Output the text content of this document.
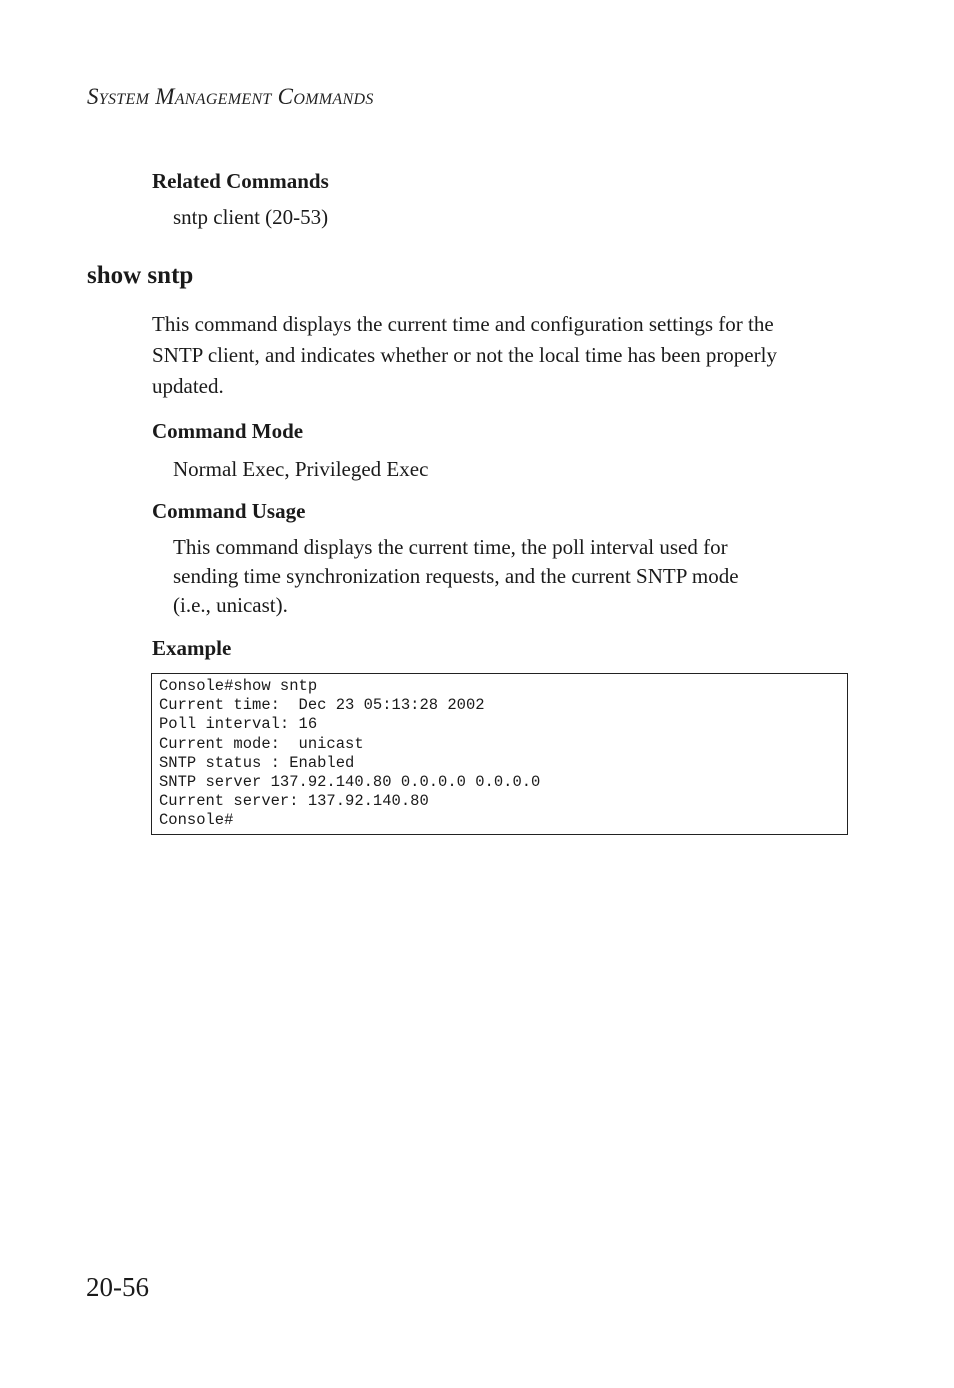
System Management Commands
Related Commands
sntp client (20-53)
show sntp
This command displays the current time and configuration settings for the
SNTP client, and indicates whether or not the local time has been properly
updated.
Command Mode
Normal Exec, Privileged Exec
Command Usage
This command displays the current time, the poll interval used for
sending time synchronization requests, and the current SNTP mode
(i.e., unicast).
Example
Console#show sntp
Current time:  Dec 23 05:13:28 2002
Poll interval: 16
Current mode:  unicast
SNTP status : Enabled
SNTP server 137.92.140.80 0.0.0.0 0.0.0.0
Current server: 137.92.140.80
Console#
20-56
